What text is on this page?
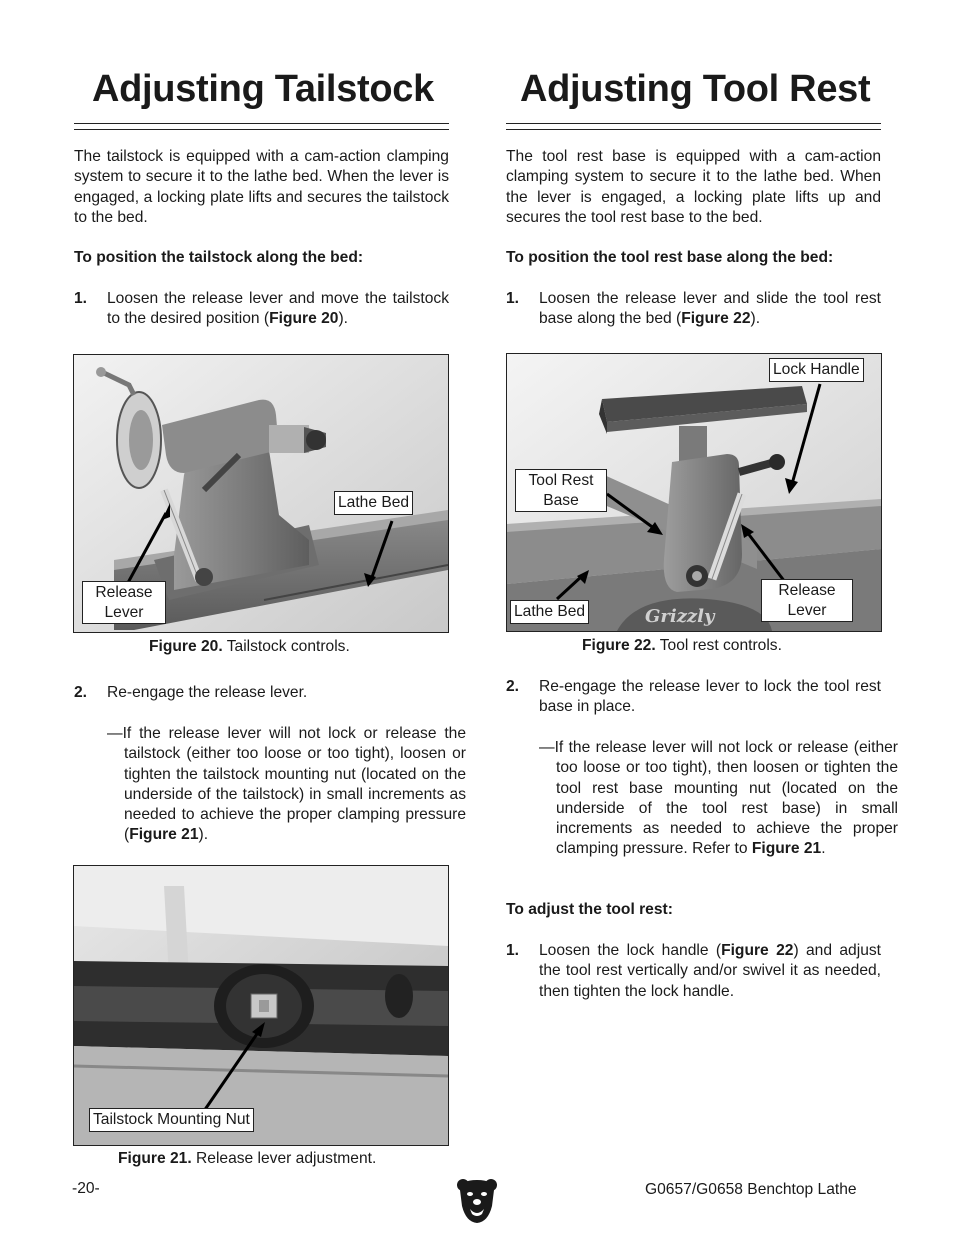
Adjusting Tailstock

The tailstock is equipped with a cam-action clamping system to secure it to the lathe bed. When the lever is engaged, a locking plate lifts and secures the tailstock to the bed.

To position the tailstock along the bed:

1. Loosen the release lever and move the tailstock to the desired position (Figure 20).

Lathe Bed
Release
Lever
Figure 20. Tailstock controls.
2. Re-engage the release lever.

—If the release lever will not lock or release the tailstock (either too loose or too tight), loosen or tighten the tailstock mounting nut (located on the underside of the tailstock) in small increments as needed to achieve the proper clamping pressure (Figure 21).

Tailstock Mounting Nut
Figure 21. Release lever adjustment.
Adjusting Tool Rest

The tool rest base is equipped with a cam-action clamping system to secure it to the lathe bed. When the lever is engaged, a locking plate lifts up and secures the tool rest base to the bed.

To position the tool rest base along the bed:

1. Loosen the release lever and slide the tool rest base along the bed (Figure 22).

Grizzly
Lock Handle
Tool Rest
Base
Lathe Bed
Release
Lever
Figure 22. Tool rest controls.
2. Re-engage the release lever to lock the tool rest base in place.

—If the release lever will not lock or release (either too loose or too tight), then loosen or tighten the tool rest base mounting nut (located on the underside of the tool rest base) in small increments as needed to achieve the proper clamping pressure. Refer to Figure 21.

To adjust the tool rest:

1. Loosen the lock handle (Figure 22) and adjust the tool rest vertically and/or swivel it as needed, then tighten the lock handle.

-20-	G0657/G0658 Benchtop Lathe
